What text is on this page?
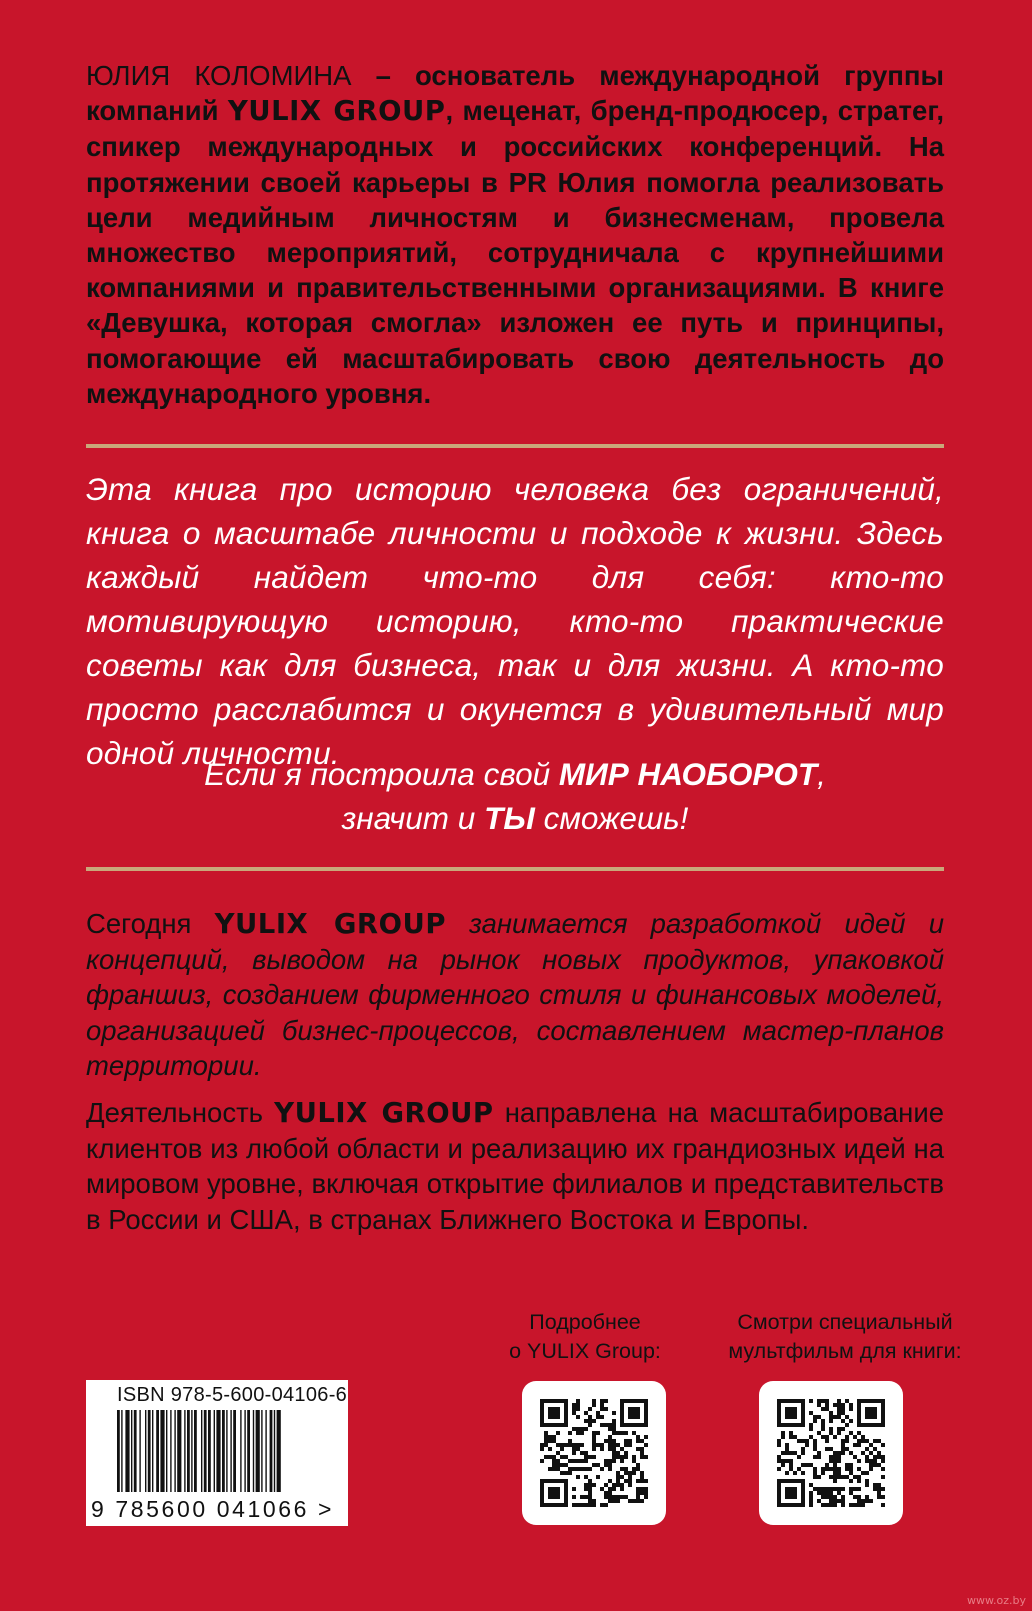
ЮЛИЯ КОЛОМИНА – основатель международной группы компаний YULIX GROUP, меценат, бренд-продюсер, стратег, спикер международных и российских конференций. На протяжении своей карьеры в PR Юлия помогла реализовать цели медийным личностям и бизнесменам, провела множество мероприятий, сотрудничала с крупнейшими компаниями и правительственными организациями. В книге «Девушка, которая смогла» изложен ее путь и принципы, помогающие ей масштабировать свою деятельность до международного уровня.

Эта книга про историю человека без ограничений, книга о масштабе личности и подходе к жизни. Здесь каждый найдет что-то для себя: кто-то мотивирующую историю, кто-то практические советы как для бизнеса, так и для жизни. А кто-то просто расслабится и окунется в удивительный мир одной личности.

Если я построила свой МИР НАОБОРОТ,
значит и ТЫ сможешь!

Сегодня YULIX GROUP занимается разработкой идей и концепций, выводом на рынок новых продуктов, упаковкой франшиз, созданием фирменного стиля и финансовых моделей, организацией бизнес-процессов, составлением мастер-планов территории.

Деятельность YULIX GROUP направлена на масштабирование клиентов из любой области и реализацию их грандиозных идей на мировом уровне, включая открытие филиалов и представительств в России и США, в странах Ближнего Востока и Европы.

ISBN 978-5-600-04106-6
9 785600 041066 >

Подробнее
о YULIX Group:

Смотри специальный
мультфильм для книги:

www.oz.by
